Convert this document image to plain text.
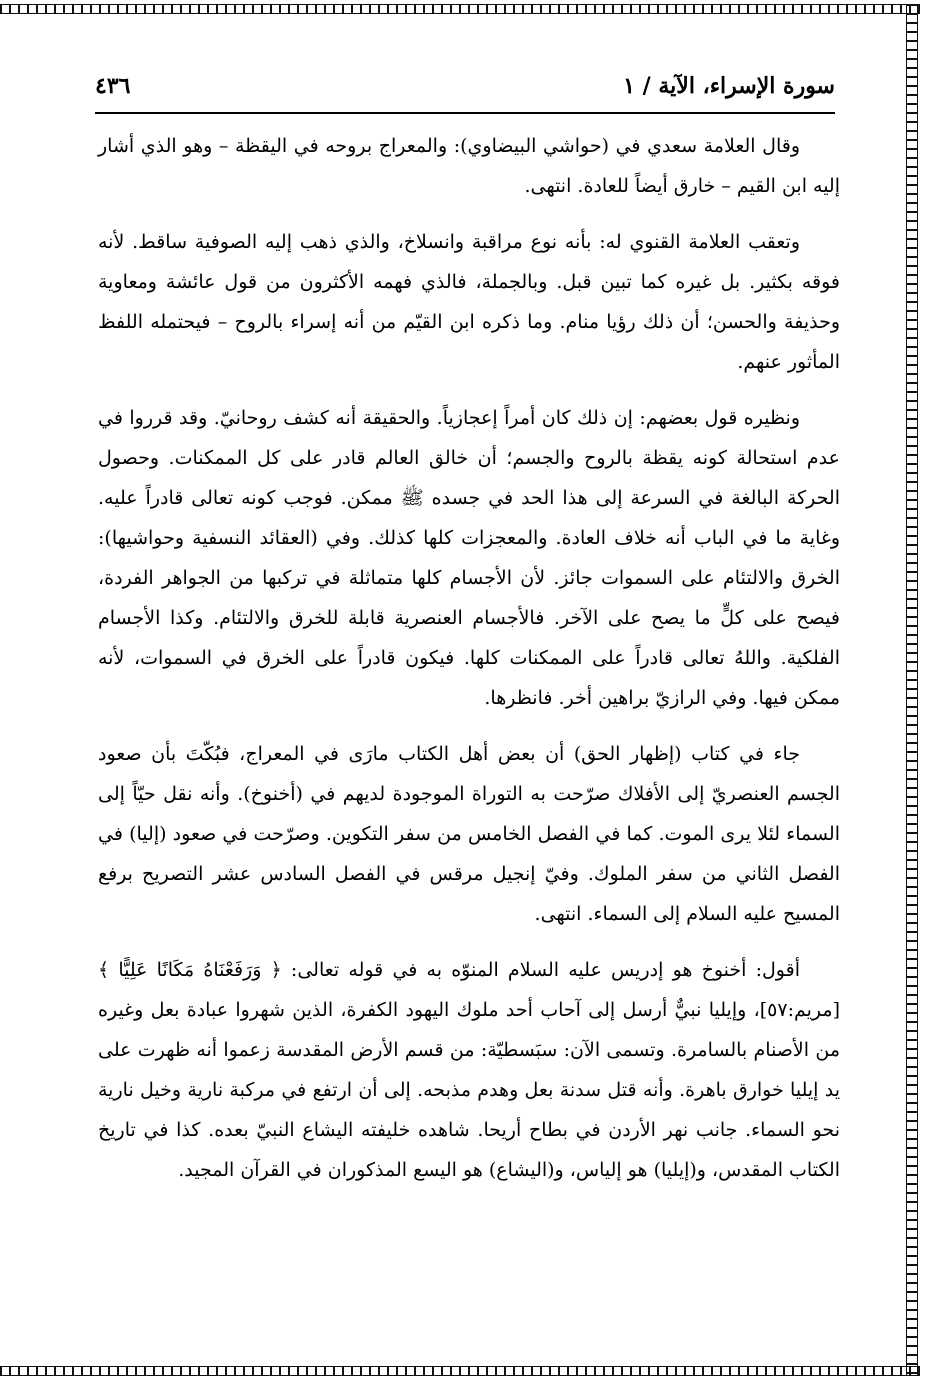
سورة الإسراء، الآية / ١
٤٣٦

وقال العلامة سعدي في (حواشي البيضاوي): والمعراج بروحه في اليقظة – وهو الذي أشار إليه ابن القيم – خارق أيضاً للعادة. انتهى.

وتعقب العلامة القنوي له: بأنه نوع مراقبة وانسلاخ، والذي ذهب إليه الصوفية ساقط. لأنه فوقه بكثير. بل غيره كما تبين قبل. وبالجملة، فالذي فهمه الأكثرون من قول عائشة ومعاوية وحذيفة والحسن؛ أن ذلك رؤيا منام. وما ذكره ابن القيّم من أنه إسراء بالروح – فيحتمله اللفظ المأثور عنهم.

ونظيره قول بعضهم: إن ذلك كان أمراً إعجازياً. والحقيقة أنه كشف روحانيّ. وقد قرروا في عدم استحالة كونه يقظة بالروح والجسم؛ أن خالق العالم قادر على كل الممكنات. وحصول الحركة البالغة في السرعة إلى هذا الحد في جسده ﷺ ممكن. فوجب كونه تعالى قادراً عليه. وغاية ما في الباب أنه خلاف العادة. والمعجزات كلها كذلك. وفي (العقائد النسفية وحواشيها): الخرق والالتئام على السموات جائز. لأن الأجسام كلها متماثلة في تركبها من الجواهر الفردة، فيصح على كلٍّ ما يصح على الآخر. فالأجسام العنصرية قابلة للخرق والالتئام. وكذا الأجسام الفلكية. واللهُ تعالى قادراً على الممكنات كلها. فيكون قادراً على الخرق في السموات، لأنه ممكن فيها. وفي الرازيّ براهين أخر. فانظرها.

جاء في كتاب (إظهار الحق) أن بعض أهل الكتاب مارَى في المعراج، فبُكّتَ بأن صعود الجسم العنصريّ إلى الأفلاك صرّحت به التوراة الموجودة لديهم في (أخنوخ). وأنه نقل حيّاً إلى السماء لئلا يرى الموت. كما في الفصل الخامس من سفر التكوين. وصرّحت في صعود (إليا) في الفصل الثاني من سفر الملوك. وفيّ إنجيل مرقس في الفصل السادس عشر التصريح برفع المسيح عليه السلام إلى السماء. انتهى.

أقول: أخنوخ هو إدريس عليه السلام المنوّه به في قوله تعالى: ﴿ وَرَفَعْنَاهُ مَكَانًا عَلِيًّا ﴾ [مريم:٥٧]، وإيليا نبيٌّ أرسل إلى آحاب أحد ملوك اليهود الكفرة، الذين شهروا عبادة بعل وغيره من الأصنام بالسامرة. وتسمى الآن: سبَسطيّة: من قسم الأرض المقدسة زعموا أنه ظهرت على يد إيليا خوارق باهرة. وأنه قتل سدنة بعل وهدم مذبحه. إلى أن ارتفع في مركبة نارية وخيل نارية نحو السماء. جانب نهر الأردن في بطاح أريحا. شاهده خليفته اليشاع النبيّ بعده. كذا في تاريخ الكتاب المقدس، و(إيليا) هو إلياس، و(اليشاع) هو اليسع المذكوران في القرآن المجيد.
